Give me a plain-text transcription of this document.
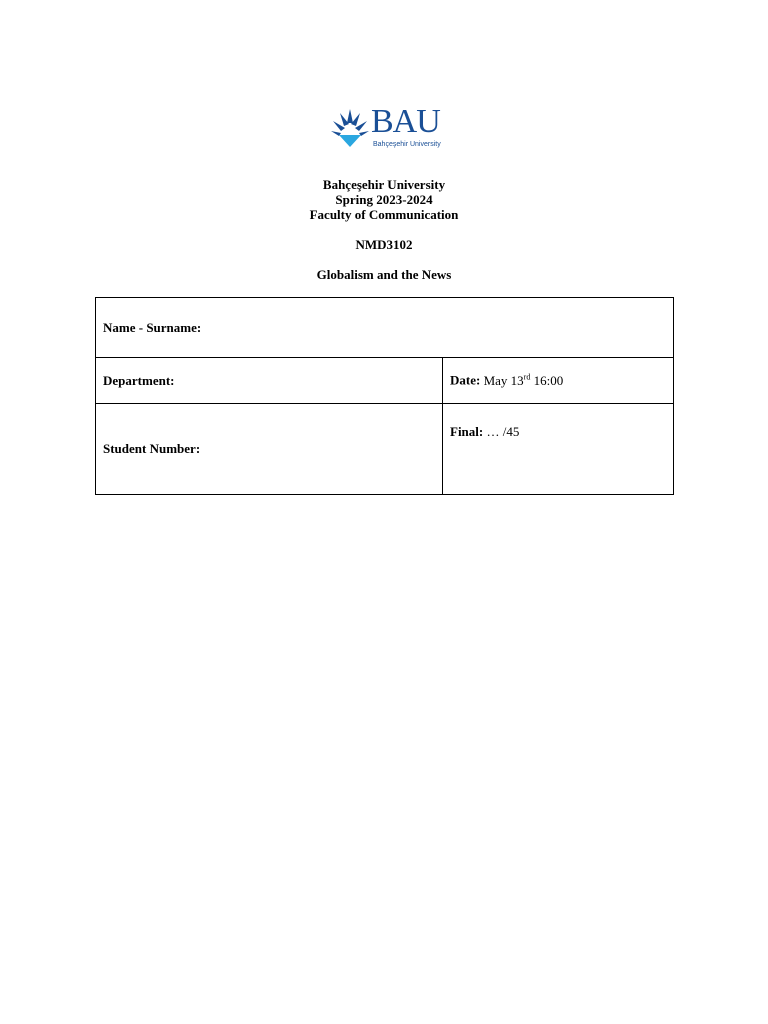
BAU
Bahçeşehir University
Bahçeşehir University
Spring 2023-2024
Faculty of Communication
NMD3102
Globalism and the News
Name - Surname:	
Department:	Date: May 13rd 16:00
Student Number:	Final: … /45
